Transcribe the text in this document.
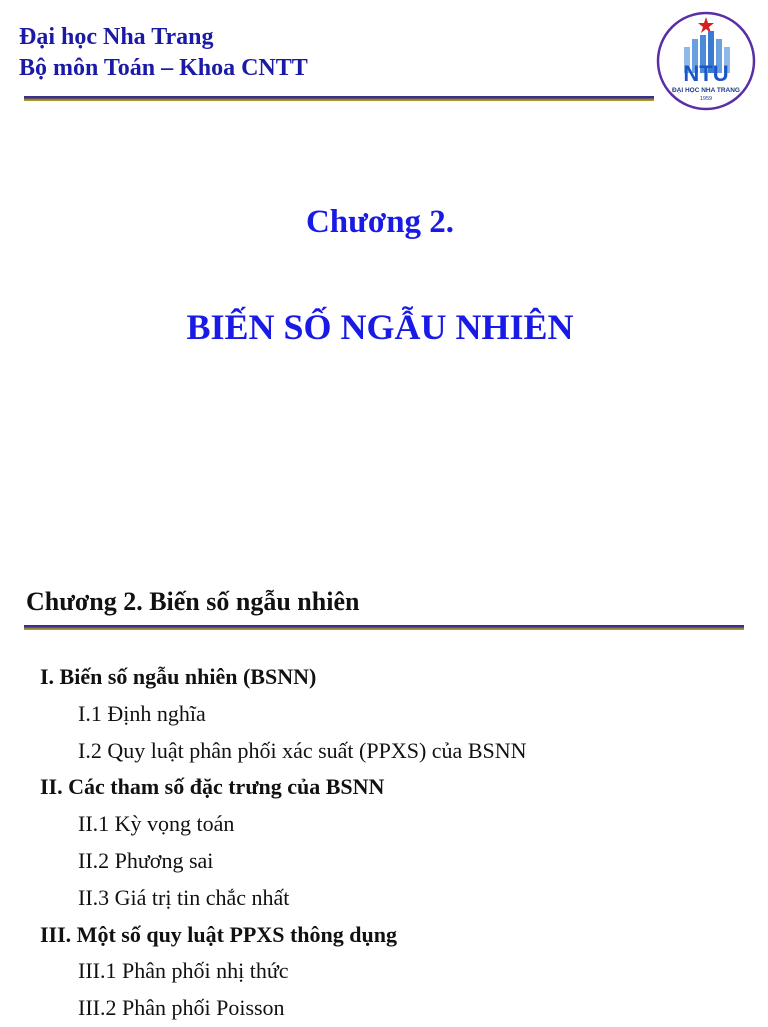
Đại học Nha Trang
Bộ môn Toán – Khoa CNTT	NTU
ĐẠI HỌC NHA TRANG
1959
Chương 2.
BIẾN SỐ NGẪU NHIÊN
Chương 2. Biến số ngẫu nhiên
I. Biến số ngẫu nhiên (BSNN)
I.1 Định nghĩa
I.2 Quy luật phân phối xác suất (PPXS) của BSNN
II. Các tham số đặc trưng của BSNN
II.1 Kỳ vọng toán
II.2 Phương sai
II.3 Giá trị tin chắc nhất
III. Một số quy luật PPXS thông dụng
III.1 Phân phối nhị thức
III.2 Phân phối Poisson
